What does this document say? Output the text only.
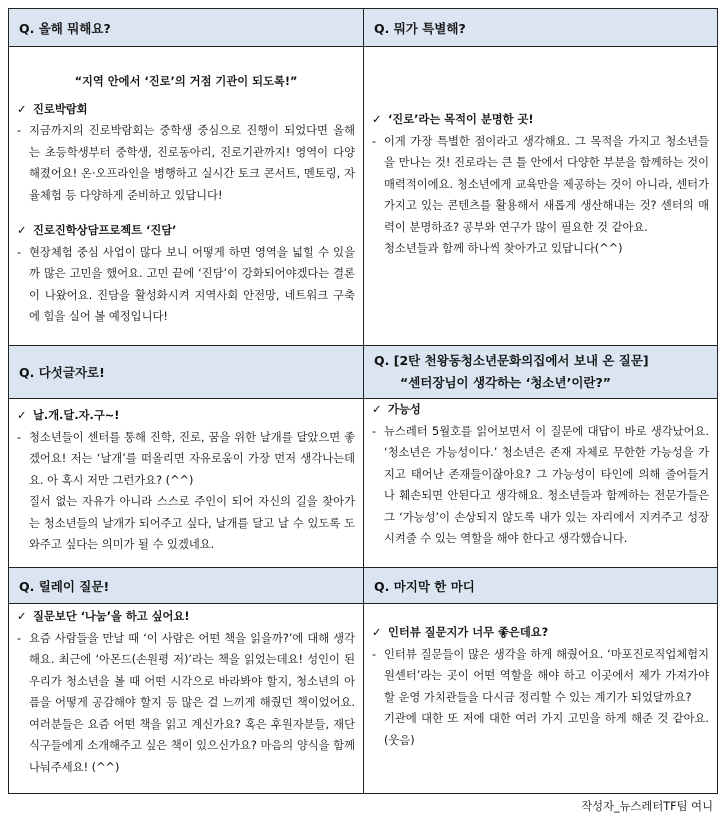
Q. 올해 뭐해요?
“지역 안에서 ‘진로’의 거점 기관이 되도록!”
✓ 진로박람회
- 지금까지의 진로박람회는 중학생 중심으로 진행이 되었다면 올해는 초등학생부터 중학생, 진로동아리, 진로기관까지! 영역이 다양해졌어요! 온·오프라인을 병행하고 실시간 토크 콘서트, 멘토링, 자율체험 등 다양하게 준비하고 있답니다!
✓ 진로진학상담프로젝트 ‘진담’
- 현장체험 중심 사업이 많다 보니 어떻게 하면 영역을 넓힐 수 있을까 많은 고민을 했어요. 고민 끝에 ‘진담’이 강화되어야겠다는 결론이 나왔어요. 진담을 활성화시켜 지역사회 안전망, 네트워크 구축에 힘을 실어 볼 예정입니다!
Q. 뭐가 특별해?
✓ ‘진로’라는 목적이 분명한 곳!
- 이게 가장 특별한 점이라고 생각해요. 그 목적을 가지고 청소년들을 만나는 것! 진로라는 큰 틀 안에서 다양한 부분을 함께하는 것이 매력적이에요. 청소년에게 교육만을 제공하는 것이 아니라, 센터가 가지고 있는 콘텐츠를 활용해서 새롭게 생산해내는 것? 센터의 매력이 분명하죠? 공부와 연구가 많이 필요한 것 같아요.
청소년들과 함께 하나씩 찾아가고 있답니다(^^)
Q. 다섯글자로!
✓ 날.개.달.자.구~!
- 청소년들이 센터를 통해 진학, 진로, 꿈을 위한 날개를 달았으면 좋겠어요! 저는 ‘날개’를 떠올리면 자유로움이 가장 먼저 생각나는데요. 아 혹시 저만 그런가요? (^^)
질서 없는 자유가 아니라 스스로 주인이 되어 자신의 길을 찾아가는 청소년들의 날개가 되어주고 싶다, 날개를 달고 날 수 있도록 도와주고 싶다는 의미가 될 수 있겠네요.
Q. [2탄 천왕동청소년문화의집에서 보내 온 질문]
“센터장님이 생각하는 ‘청소년’이란?”
✓ 가능성
- 뉴스레터 5월호를 읽어보면서 이 질문에 대답이 바로 생각났어요. ‘청소년은 가능성이다.’ 청소년은 존재 자체로 무한한 가능성을 가지고 태어난 존재들이잖아요? 그 가능성이 타인에 의해 줄어들거나 훼손되면 안된다고 생각해요. 청소년들과 함께하는 전문가들은 그 ‘가능성’이 손상되지 않도록 내가 있는 자리에서 지켜주고 성장시켜줄 수 있는 역할을 해야 한다고 생각했습니다.
Q. 릴레이 질문!
✓ 질문보단 ‘나눔’을 하고 싶어요!
- 요즘 사람들을 만날 때 ‘이 사람은 어떤 책을 읽을까?’에 대해 생각해요. 최근에 ‘아몬드(손원평 저)’라는 책을 읽었는데요! 성인이 된 우리가 청소년을 볼 때 어떤 시각으로 바라봐야 할지, 청소년의 아픔을 어떻게 공감해야 할지 등 많은 걸 느끼게 해줬던 책이었어요. 여러분들은 요즘 어떤 책을 읽고 계신가요? 혹은 후원자분들, 재단 식구들에게 소개해주고 싶은 책이 있으신가요? 마음의 양식을 함께 나눠주세요! (^^)
Q. 마지막 한 마디
✓ 인터뷰 질문지가 너무 좋은데요?
- 인터뷰 질문들이 많은 생각을 하게 해줬어요. ‘마포진로직업체험지원센터’라는 곳이 어떤 역할을 해야 하고 이곳에서 제가 가져가야 할 운영 가치관들을 다시금 정리할 수 있는 계기가 되었달까요?
기관에 대한 또 저에 대한 여러 가지 고민을 하게 해준 것 같아요.(웃음)
작성자_뉴스레터TF팀 여니
